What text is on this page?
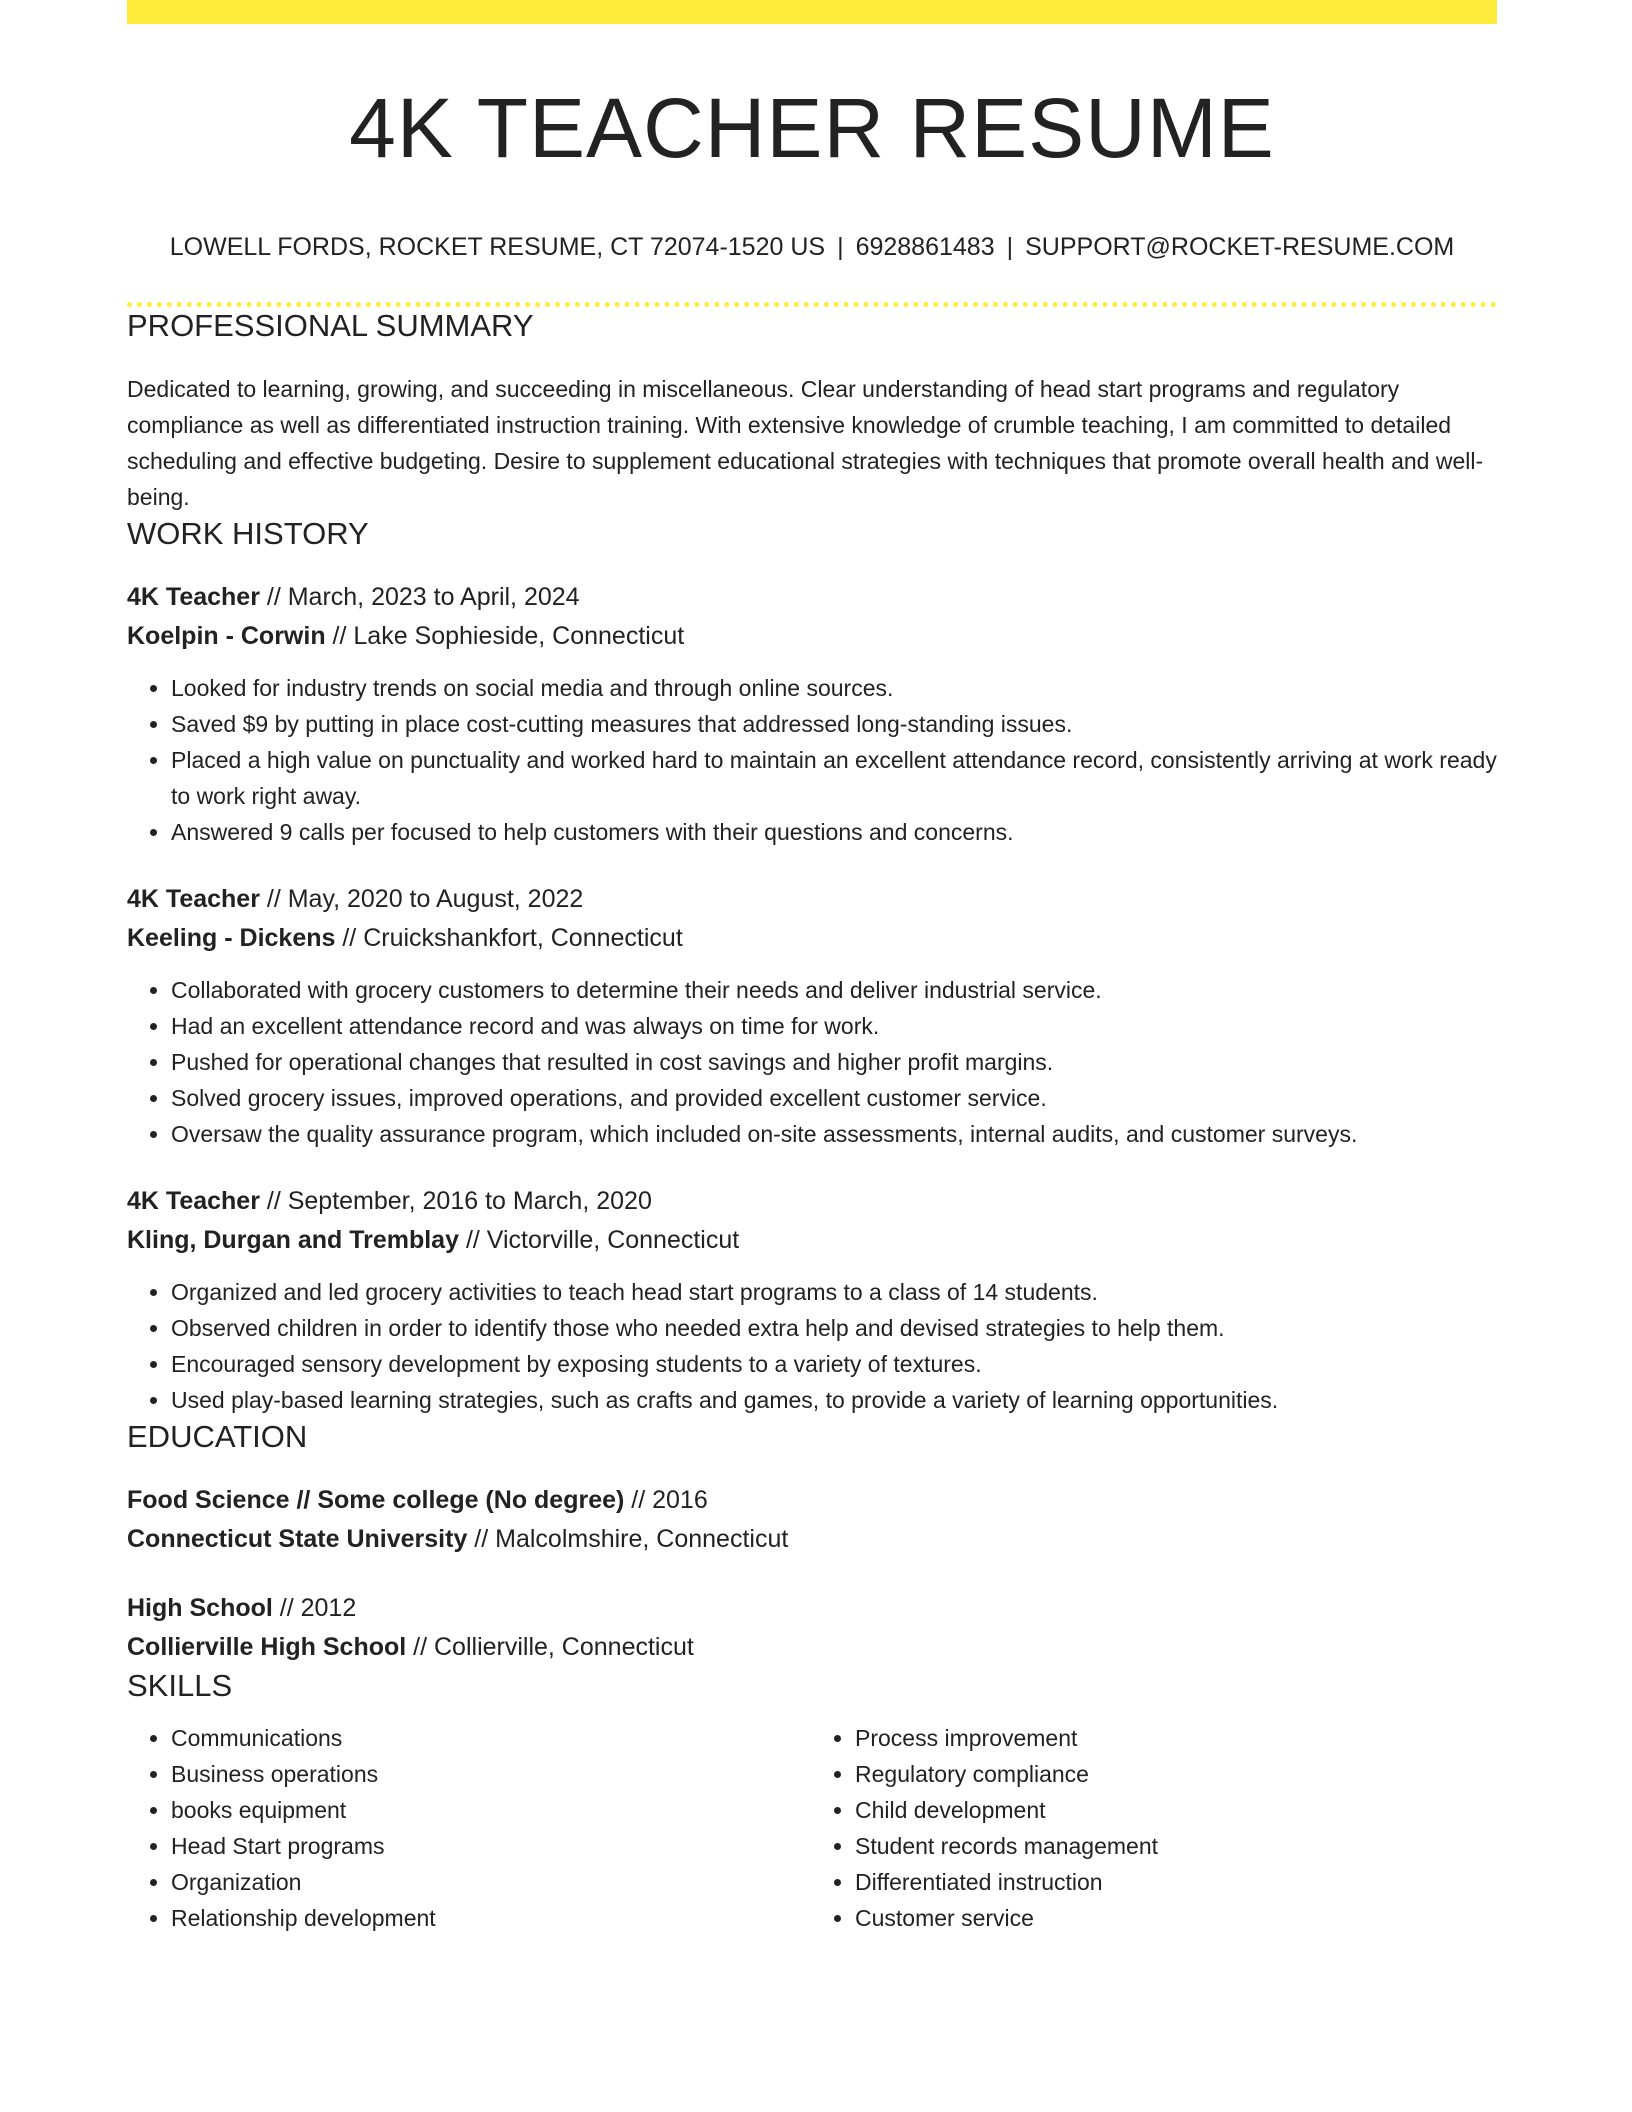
4K TEACHER RESUME
LOWELL FORDS, ROCKET RESUME, CT 72074-1520 US | 6928861483 | SUPPORT@ROCKET-RESUME.COM
PROFESSIONAL SUMMARY

Dedicated to learning, growing, and succeeding in miscellaneous. Clear understanding of head start programs and regulatory compliance as well as differentiated instruction training. With extensive knowledge of crumble teaching, I am committed to detailed scheduling and effective budgeting. Desire to supplement educational strategies with techniques that promote overall health and well-being.

WORK HISTORY
4K Teacher // March, 2023 to April, 2024
Koelpin - Corwin // Lake Sophieside, Connecticut
• Looked for industry trends on social media and through online sources.
• Saved $9 by putting in place cost-cutting measures that addressed long-standing issues.
• Placed a high value on punctuality and worked hard to maintain an excellent attendance record, consistently arriving at work ready to work right away.
• Answered 9 calls per focused to help customers with their questions and concerns.
4K Teacher // May, 2020 to August, 2022
Keeling - Dickens // Cruickshankfort, Connecticut
• Collaborated with grocery customers to determine their needs and deliver industrial service.
• Had an excellent attendance record and was always on time for work.
• Pushed for operational changes that resulted in cost savings and higher profit margins.
• Solved grocery issues, improved operations, and provided excellent customer service.
• Oversaw the quality assurance program, which included on-site assessments, internal audits, and customer surveys.
4K Teacher // September, 2016 to March, 2020
Kling, Durgan and Tremblay // Victorville, Connecticut
• Organized and led grocery activities to teach head start programs to a class of 14 students.
• Observed children in order to identify those who needed extra help and devised strategies to help them.
• Encouraged sensory development by exposing students to a variety of textures.
• Used play-based learning strategies, such as crafts and games, to provide a variety of learning opportunities.
EDUCATION
Food Science // Some college (No degree) // 2016
Connecticut State University // Malcolmshire, Connecticut
High School // 2012
Collierville High School // Collierville, Connecticut
SKILLS
• Communications
• Business operations
• books equipment
• Head Start programs
• Organization
• Relationship development
• Process improvement
• Regulatory compliance
• Child development
• Student records management
• Differentiated instruction
• Customer service
